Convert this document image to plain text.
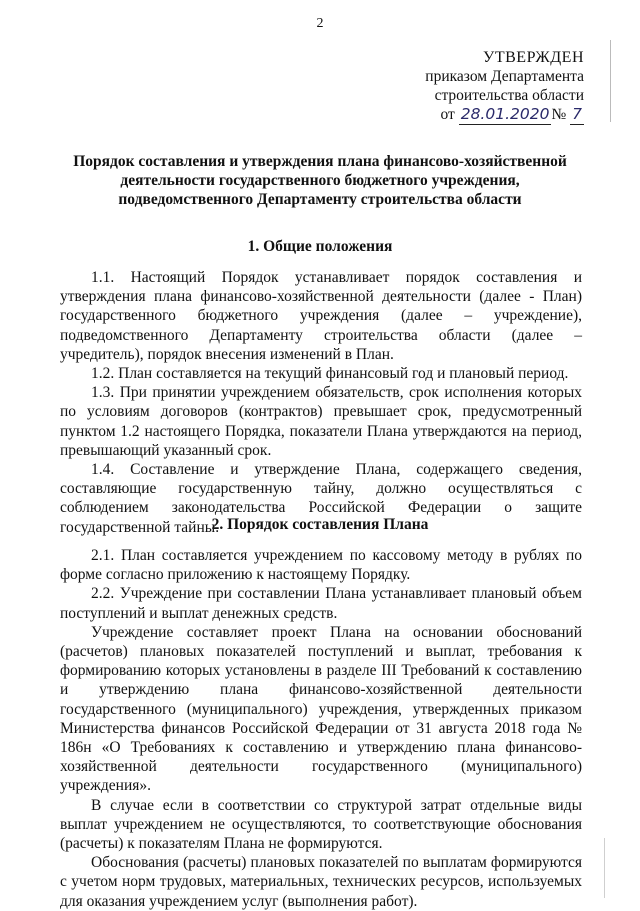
2
УТВЕРЖДЕН
приказом Департамента
строительства области
от 28.01.2020 № 7
Порядок составления и утверждения плана финансово-хозяйственной деятельности государственного бюджетного учреждения, подведомственного Департаменту строительства области
1. Общие положения

1.1. Настоящий Порядок устанавливает порядок составления и утверждения плана финансово-хозяйственной деятельности (далее - План) государственного бюджетного учреждения (далее – учреждение), подведомственного Департаменту строительства области (далее – учредитель), порядок внесения изменений в План.

1.2. План составляется на текущий финансовый год и плановый период.

1.3. При принятии учреждением обязательств, срок исполнения которых по условиям договоров (контрактов) превышает срок, предусмотренный пунктом 1.2 настоящего Порядка, показатели Плана утверждаются на период, превышающий указанный срок.

1.4. Составление и утверждение Плана, содержащего сведения, составляющие государственную тайну, должно осуществляться с соблюдением законодательства Российской Федерации о защите государственной тайны.

2. Порядок составления Плана

2.1. План составляется учреждением по кассовому методу в рублях по форме согласно приложению к настоящему Порядку.

2.2. Учреждение при составлении Плана устанавливает плановый объем поступлений и выплат денежных средств.

Учреждение составляет проект Плана на основании обоснований (расчетов) плановых показателей поступлений и выплат, требования к формированию которых установлены в разделе III Требований к составлению и утверждению плана финансово-хозяйственной деятельности государственного (муниципального) учреждения, утвержденных приказом Министерства финансов Российской Федерации от 31 августа 2018 года № 186н «О Требованиях к составлению и утверждению плана финансово-хозяйственной деятельности государственного (муниципального) учреждения».

В случае если в соответствии со структурой затрат отдельные виды выплат учреждением не осуществляются, то соответствующие обоснования (расчеты) к показателям Плана не формируются.

Обоснования (расчеты) плановых показателей по выплатам формируются с учетом норм трудовых, материальных, технических ресурсов, используемых для оказания учреждением услуг (выполнения работ).
